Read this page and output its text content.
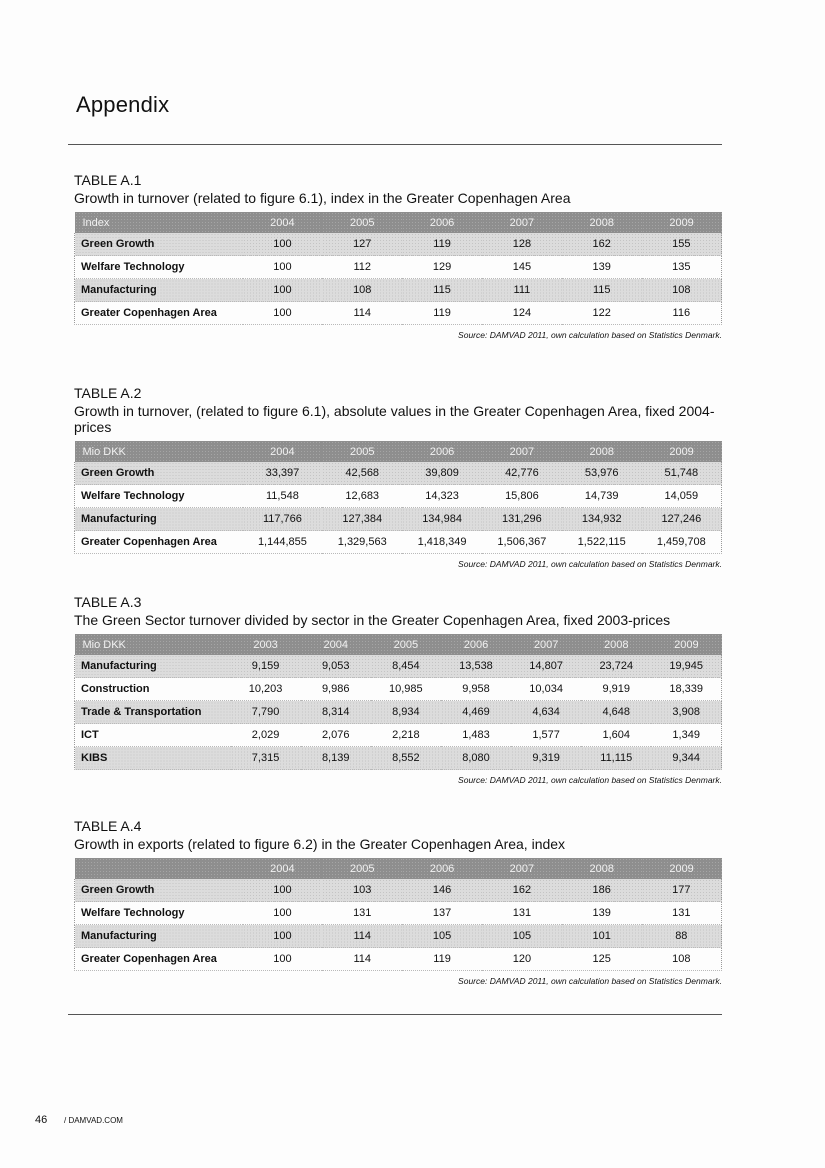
Appendix
TABLE A.1
Growth in turnover (related to figure 6.1), index in the Greater Copenhagen Area
Index	2004	2005	2006	2007	2008	2009
Green Growth	100	127	119	128	162	155
Welfare Technology	100	112	129	145	139	135
Manufacturing	100	108	115	111	115	108
Greater Copenhagen Area	100	114	119	124	122	116
Source: DAMVAD 2011, own calculation based on Statistics Denmark.
TABLE A.2
Growth in turnover, (related to figure 6.1), absolute values in the Greater Copenhagen Area, fixed 2004-prices
Mio DKK	2004	2005	2006	2007	2008	2009
Green Growth	33,397	42,568	39,809	42,776	53,976	51,748
Welfare Technology	11,548	12,683	14,323	15,806	14,739	14,059
Manufacturing	117,766	127,384	134,984	131,296	134,932	127,246
Greater Copenhagen Area	1,144,855	1,329,563	1,418,349	1,506,367	1,522,115	1,459,708
Source: DAMVAD 2011, own calculation based on Statistics Denmark.
TABLE A.3
The Green Sector turnover divided by sector in the Greater Copenhagen Area, fixed 2003-prices
Mio DKK	2003	2004	2005	2006	2007	2008	2009
Manufacturing	9,159	9,053	8,454	13,538	14,807	23,724	19,945
Construction	10,203	9,986	10,985	9,958	10,034	9,919	18,339
Trade & Transportation	7,790	8,314	8,934	4,469	4,634	4,648	3,908
ICT	2,029	2,076	2,218	1,483	1,577	1,604	1,349
KIBS	7,315	8,139	8,552	8,080	9,319	11,115	9,344
Source: DAMVAD 2011, own calculation based on Statistics Denmark.
TABLE A.4
Growth in exports (related to figure 6.2) in the Greater Copenhagen Area, index
	2004	2005	2006	2007	2008	2009
Green Growth	100	103	146	162	186	177
Welfare Technology	100	131	137	131	139	131
Manufacturing	100	114	105	105	101	88
Greater Copenhagen Area	100	114	119	120	125	108
Source: DAMVAD 2011, own calculation based on Statistics Denmark.
46 / DAMVAD.COM
